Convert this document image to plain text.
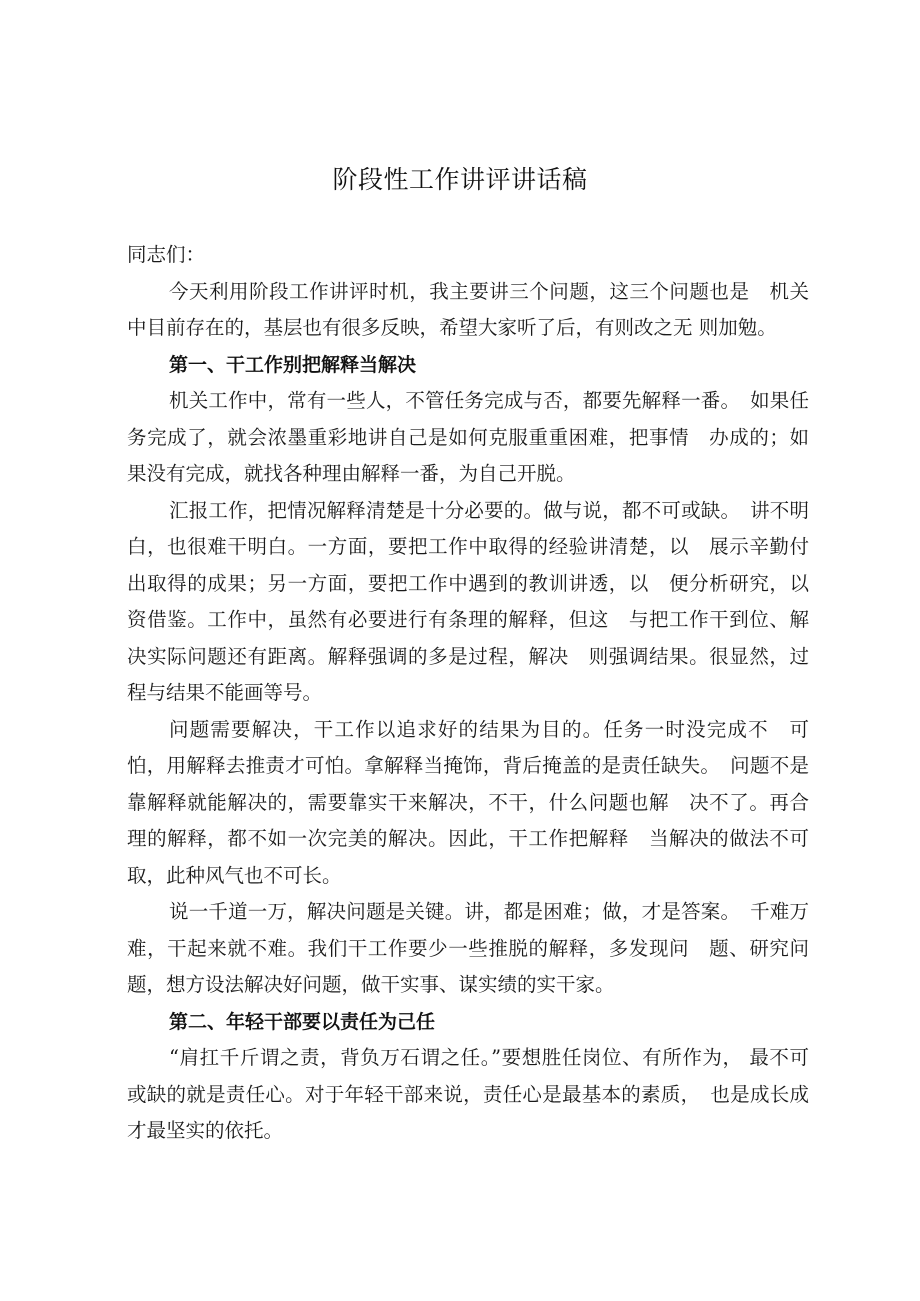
阶段性工作讲评讲话稿

同志们：

今天利用阶段工作讲评时机，我主要讲三个问题，这三个问题也是　机关中目前存在的，基层也有很多反映，希望大家听了后，有则改之无 则加勉。

第一、干工作别把解释当解决

机关工作中，常有一些人，不管任务完成与否，都要先解释一番。　如果任务完成了，就会浓墨重彩地讲自己是如何克服重重困难，把事情　办成的；如果没有完成，就找各种理由解释一番，为自己开脱。

汇报工作，把情况解释清楚是十分必要的。做与说，都不可或缺。　讲不明白，也很难干明白。一方面，要把工作中取得的经验讲清楚，以　展示辛勤付出取得的成果；另一方面，要把工作中遇到的教训讲透，以　便分析研究，以资借鉴。工作中，虽然有必要进行有条理的解释，但这　与把工作干到位、解决实际问题还有距离。解释强调的多是过程，解决　则强调结果。很显然，过程与结果不能画等号。

问题需要解决，干工作以追求好的结果为目的。任务一时没完成不　可怕，用解释去推责才可怕。拿解释当掩饰，背后掩盖的是责任缺失。　问题不是靠解释就能解决的，需要靠实干来解决，不干，什么问题也解　决不了。再合理的解释，都不如一次完美的解决。因此，干工作把解释　当解决的做法不可取，此种风气也不可长。

说一千道一万，解决问题是关键。讲，都是困难；做，才是答案。　千难万难，干起来就不难。我们干工作要少一些推脱的解释，多发现问　题、研究问题，想方设法解决好问题，做干实事、谋实绩的实干家。

第二、年轻干部要以责任为己任

“肩扛千斤谓之责，背负万石谓之任。”要想胜任岗位、有所作为， 最不可或缺的就是责任心。对于年轻干部来说，责任心是最基本的素质，　也是成长成才最坚实的依托。
